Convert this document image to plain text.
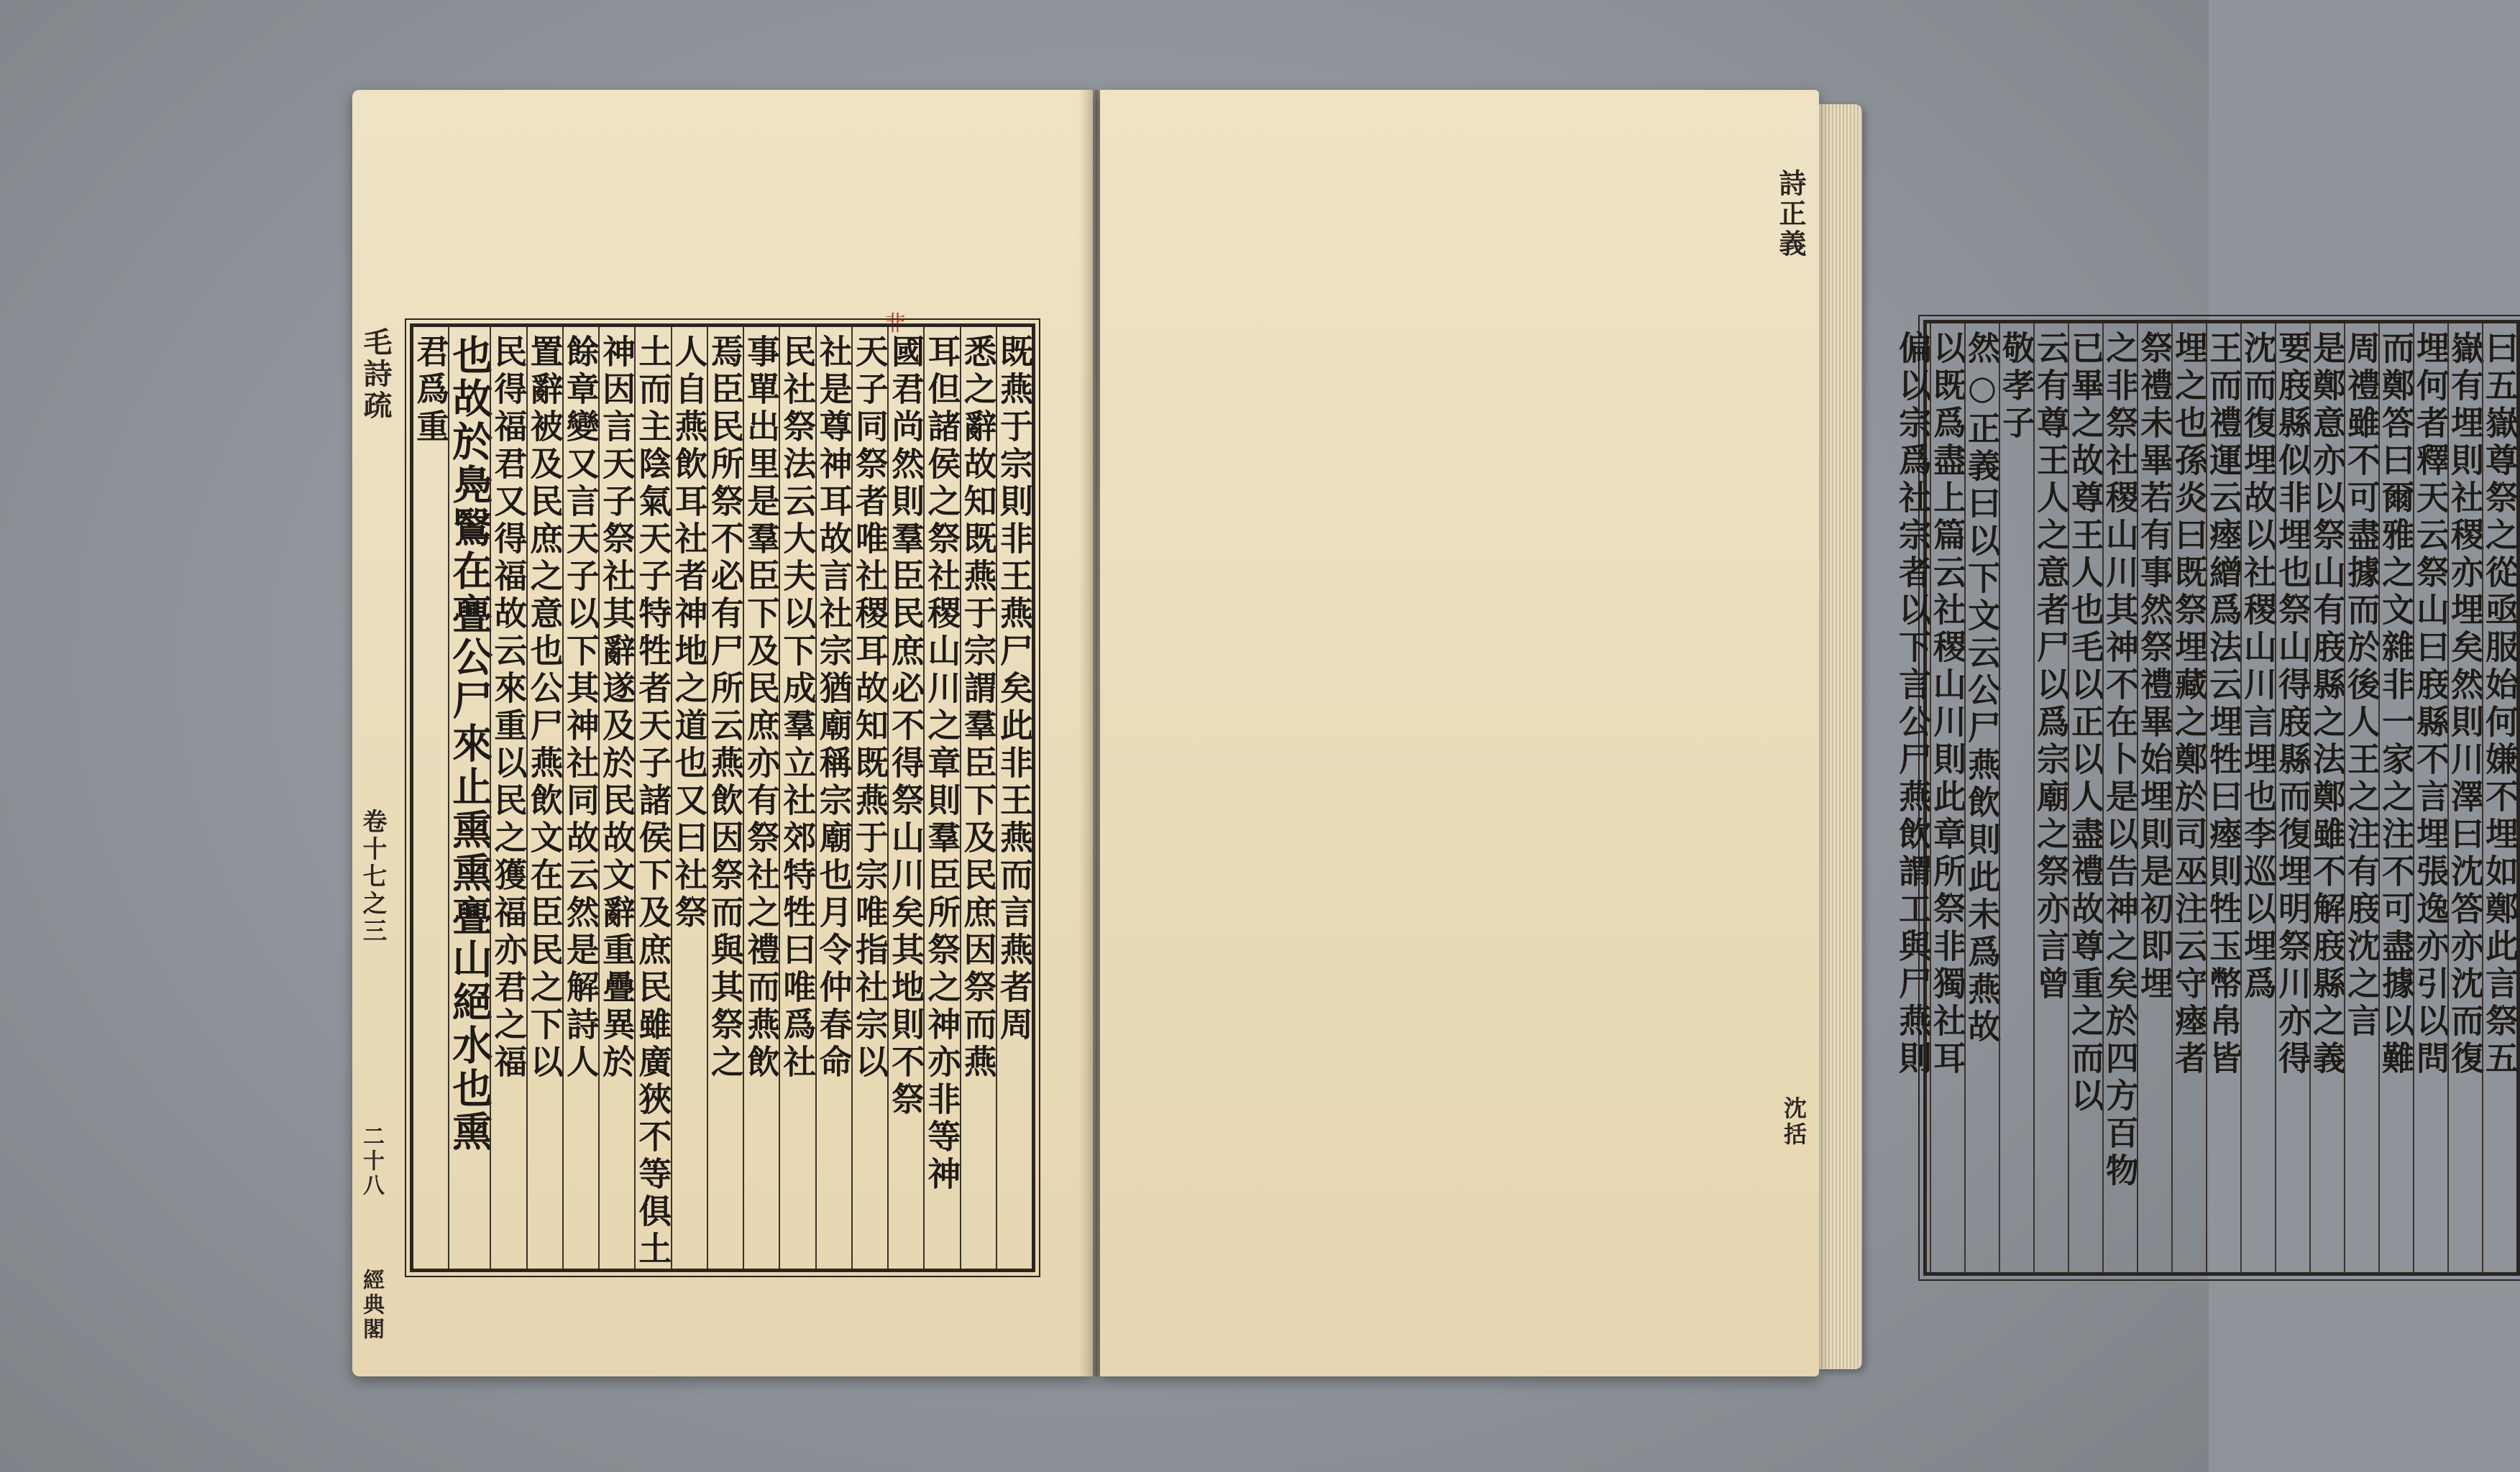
毛詩疏
卷十七之三
二十八
經典閣
非
既燕于宗則非王燕尸矣此非王燕而言燕者周
悉之辭故知既燕于宗謂羣臣下及民庶因祭而燕
耳但諸侯之祭社稷山川之章則羣臣所祭之神亦非等神
國君尚然則羣臣民庶必不得祭山川矣其地則不祭
天子同祭者唯社稷耳故知既燕于宗唯指社宗以
社是尊神耳故言社宗猶廟稱宗廟也月令仲春命
民社祭法云大夫以下成羣立社郊特牲曰唯爲社
事單出里是羣臣下及民庶亦有祭社之禮而燕飲
焉臣民所祭不必有尸所云燕飲因祭而與其祭之
人自燕飲耳社者神地之道也又曰社祭
土而主陰氣天子特牲者天子諸侯下及庶民雖廣狹不等俱土
神因言天子祭社其辭遂及於民故文辭重疊異於
餘章變又言天子以下其神社同故云然是解詩人
置辭被及民庶之意也公尸燕飲文在臣民之下以
民得福君又得福故云來重以民之獲福亦君之福
也故於
鳧鷖在亹公尸來止熏熏
亹山絕水也熏
君爲重
詩正義
沈括
曰五嶽尊祭之從亟服始何嫌不埋如鄭此言祭五
嶽有埋則社稷亦埋矣然則川澤曰沈答亦沈而復
埋何者釋天云祭山曰庪縣不言埋張逸亦引以問
而鄭答曰爾雅之文雜非一家之注不可盡據以難
周禮雖不可盡據而於後人王之注有庪沈之言
是鄭意亦以祭山有庪縣之法鄭雖不解庪縣之義
要庪縣似非埋也祭山得庪縣而復埋明祭川亦得
沈而復埋故以社稷山川言埋也李巡以埋爲
王而禮運云瘞繒爲法云埋牲曰瘞則牲玉幣帛皆
埋之也孫炎曰既祭埋藏之鄭於司巫注云守瘞者
祭禮未畢若有事然祭禮畢始埋則是初即埋
之非祭社稷山川其神不在卜是以告神之矣於四方百物
已畢之故尊王人也毛以正以人盡禮故尊重之而以
云有尊王人之意者尸以爲宗廟之祭亦言曾
敬孝子
然○正義曰以下文云公尸燕飲則此未爲燕故
以既爲盡上篇云社稷山川則此章所祭非獨社耳
偏以宗爲社宗者以下言公尸燕飲謂工與尸燕則
